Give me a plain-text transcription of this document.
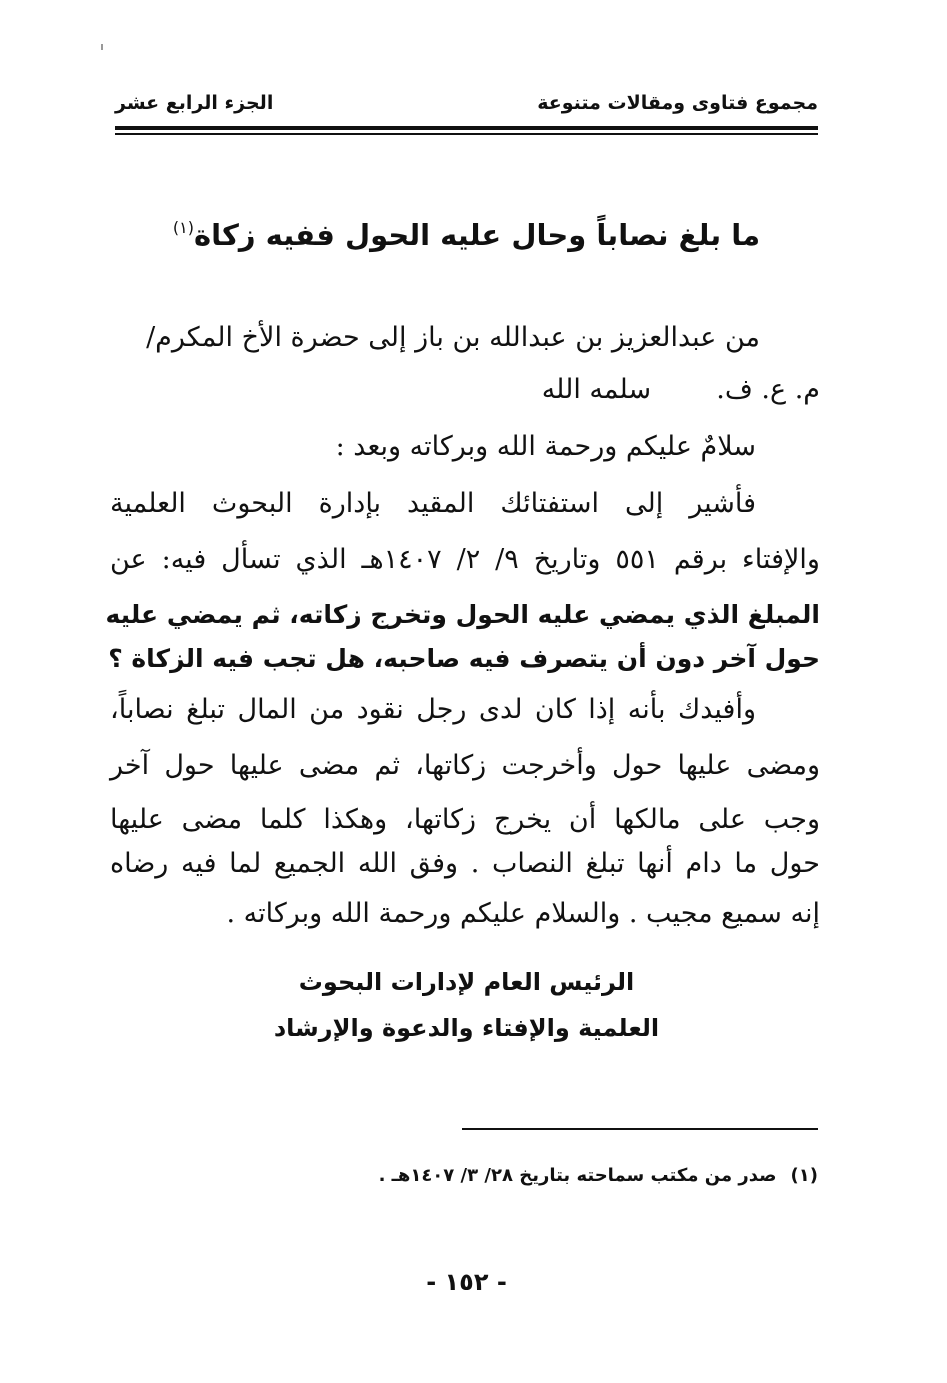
مجموع فتاوى ومقالات متنوعة
الجزء الرابع عشر
ما بلغ نصاباً وحال عليه الحول ففيه زكاة$^{(١)}$
من عبدالعزيز بن عبدالله بن باز إلى حضرة الأخ المكرم/
م. ع. ف.  سلمه الله
سلامٌ عليكم ورحمة الله وبركاته وبعد :
فأشير إلى استفتائك المقيد بإدارة البحوث العلمية
والإفتاء برقم ٥٥١ وتاريخ ٩/ ٢/ ١٤٠٧هـ الذي تسأل فيه: عن
المبلغ الذي يمضي عليه الحول وتخرج زكاته، ثم يمضي عليه
حول آخر دون أن يتصرف فيه صاحبه، هل تجب فيه الزكاة ؟
وأفيدك بأنه إذا كان لدى رجل نقود من المال تبلغ نصاباً،
ومضى عليها حول وأخرجت زكاتها، ثم مضى عليها حول آخر
وجب على مالكها أن يخرج زكاتها، وهكذا كلما مضى عليها
حول ما دام أنها تبلغ النصاب . وفق الله الجميع لما فيه رضاه
إنه سميع مجيب . والسلام عليكم ورحمة الله وبركاته .
الرئيس العام لإدارات البحوث
العلمية والإفتاء والدعوة والإرشاد
(١)صدر من مكتب سماحته بتاريخ ٢٨/ ٣/ ١٤٠٧هـ .
- ١٥٢ -
